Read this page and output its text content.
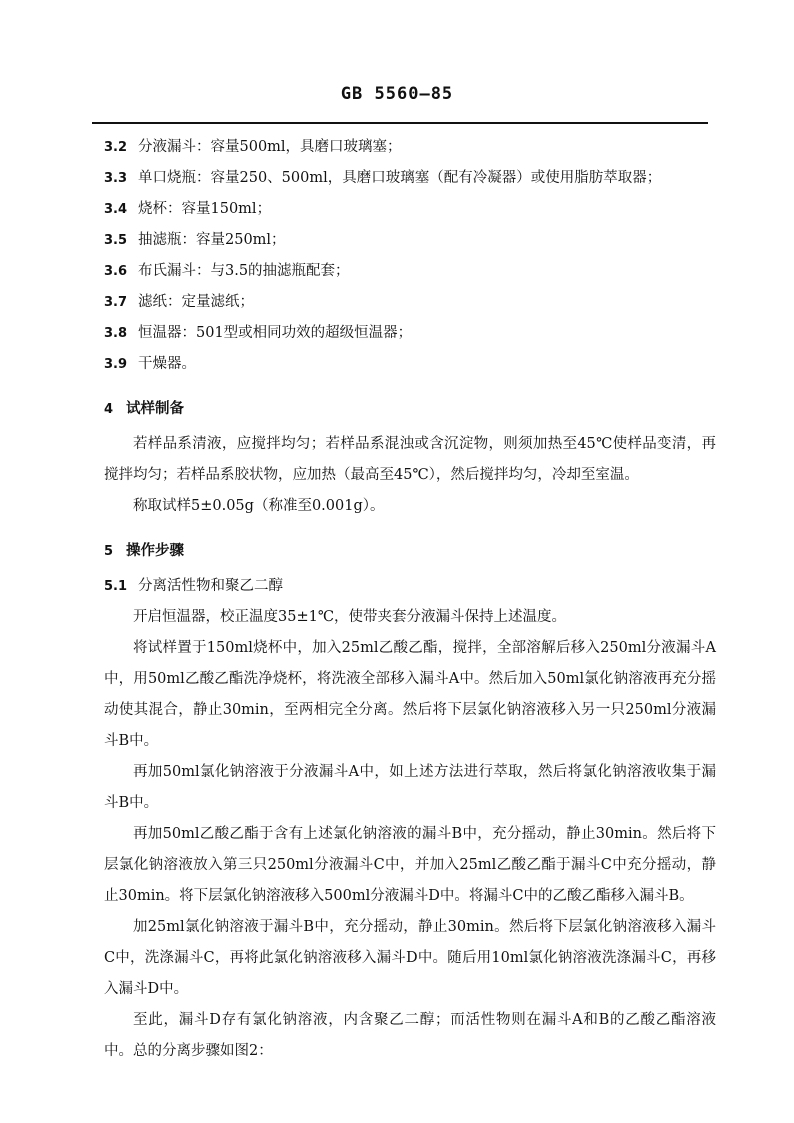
GB 5560—85
3.2 分液漏斗：容量500ml，具磨口玻璃塞；
3.3 单口烧瓶：容量250、500ml，具磨口玻璃塞（配有冷凝器）或使用脂肪萃取器；
3.4 烧杯：容量150ml；
3.5 抽滤瓶：容量250ml；
3.6 布氏漏斗：与3.5的抽滤瓶配套；
3.7 滤纸：定量滤纸；
3.8 恒温器：501型或相同功效的超级恒温器；
3.9 干燥器。
4 试样制备

若样品系清液，应搅拌均匀；若样品系混浊或含沉淀物，则须加热至45℃使样品变清，再搅拌均匀；若样品系胶状物，应加热（最高至45℃），然后搅拌均匀，冷却至室温。

称取试样5±0.05g（称准至0.001g）。

5 操作步骤
5.1 分离活性物和聚乙二醇

开启恒温器，校正温度35±1℃，使带夹套分液漏斗保持上述温度。

将试样置于150ml烧杯中，加入25ml乙酸乙酯，搅拌，全部溶解后移入250ml分液漏斗A中，用50ml乙酸乙酯洗净烧杯，将洗液全部移入漏斗A中。然后加入50ml氯化钠溶液再充分摇动使其混合，静止30min，至两相完全分离。然后将下层氯化钠溶液移入另一只250ml分液漏斗B中。

再加50ml氯化钠溶液于分液漏斗A中，如上述方法进行萃取，然后将氯化钠溶液收集于漏斗B中。

再加50ml乙酸乙酯于含有上述氯化钠溶液的漏斗B中，充分摇动，静止30min。然后将下层氯化钠溶液放入第三只250ml分液漏斗C中，并加入25ml乙酸乙酯于漏斗C中充分摇动，静止30min。将下层氯化钠溶液移入500ml分液漏斗D中。将漏斗C中的乙酸乙酯移入漏斗B。

加25ml氯化钠溶液于漏斗B中，充分摇动，静止30min。然后将下层氯化钠溶液移入漏斗C中，洗涤漏斗C，再将此氯化钠溶液移入漏斗D中。随后用10ml氯化钠溶液洗涤漏斗C，再移入漏斗D中。

至此，漏斗D存有氯化钠溶液，内含聚乙二醇；而活性物则在漏斗A和B的乙酸乙酯溶液中。总的分离步骤如图2：
